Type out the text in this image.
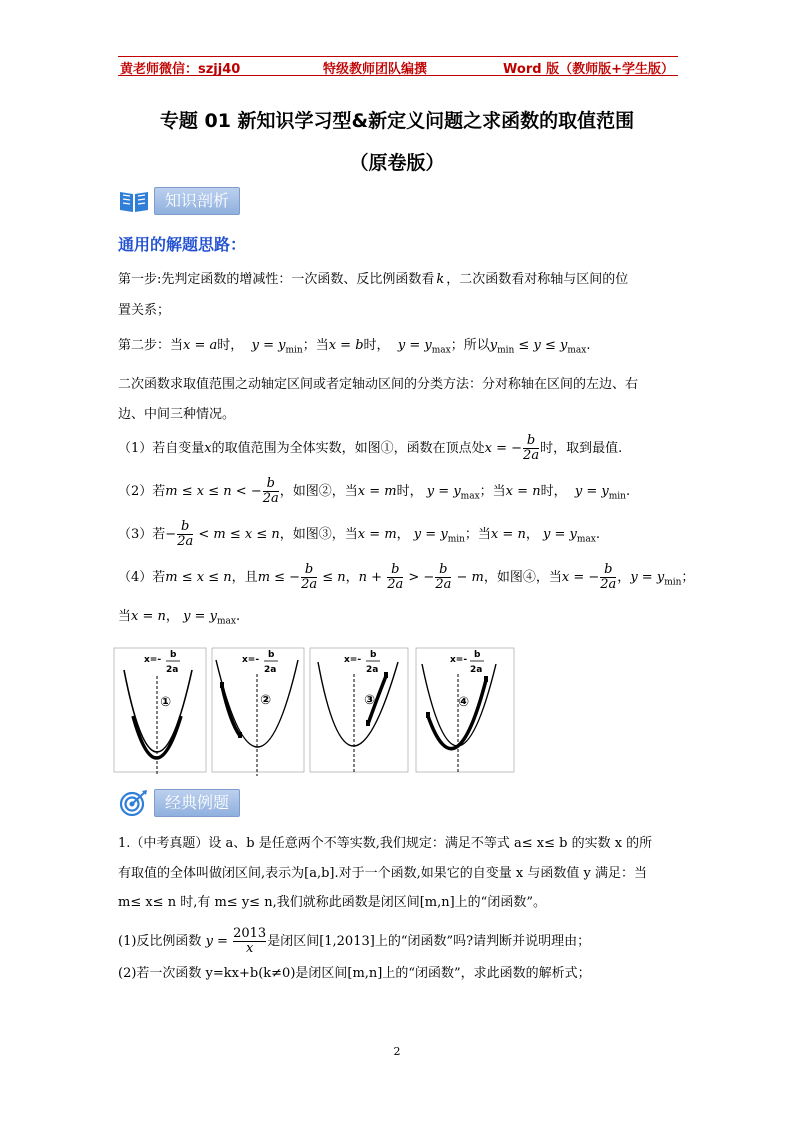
黄老师微信：szjj40	特级教师团队编撰	Word 版（教师版+学生版）
专题 01 新知识学习型&新定义问题之求函数的取值范围
（原卷版）
知识剖析
通用的解题思路：
第一步:先判定函数的增减性：一次函数、反比例函数看 k ，二次函数看对称轴与区间的位
置关系；
第二步：当x = a时， $y = y_{min}$；当x = b时， $y = y_{max}$；所以$y_{min} \le y \le y_{max}$.
二次函数求取值范围之动轴定区间或者定轴动区间的分类方法：分对称轴在区间的左边、右
边、中间三种情况。
（1）若自变量x的取值范围为全体实数，如图①，函数在顶点处x = − $\frac{b}{2a}$ 时，取到最值.
（2）若m ≤ x ≤ n < − $\frac{b}{2a}$ ，如图②，当x = m时， $y = y_{max}$；当x = n时， $y = y_{min}$.
（3）若− $\frac{b}{2a} < m \le x \le n$，如图③，当x = m， $y = y_{min}$；当x = n， $y = y_{max}$.
（4）若m ≤ x ≤ n，且m ≤ − $\frac{b}{2a} \le n$，$n + \frac{b}{2a}$ > − $\frac{b}{2a} - m$，如图④，当x = − $\frac{b}{2a}$ ，$y = y_{min}$；
当x = n， $y = y_{max}$.
x=- b
2a
①
x=- b
2a
②
x=- b
2a
③
x=- b
2a
④
经典例题
1.（中考真题）设 a、b 是任意两个不等实数,我们规定：满足不等式 a≤ x≤ b 的实数 x 的所
有取值的全体叫做闭区间,表示为[a,b].对于一个函数,如果它的自变量 x 与函数值 y 满足：当
m≤ x≤ n 时,有 m≤ y≤ n,我们就称此函数是闭区间[m,n]上的“闭函数”。
(1)反比例函数 $y = \frac{2013}{x}$ 是闭区间[1,2013]上的“闭函数”吗?请判断并说明理由；
(2)若一次函数 y=kx+b(k≠0)是闭区间[m,n]上的“闭函数”，求此函数的解析式；
2
